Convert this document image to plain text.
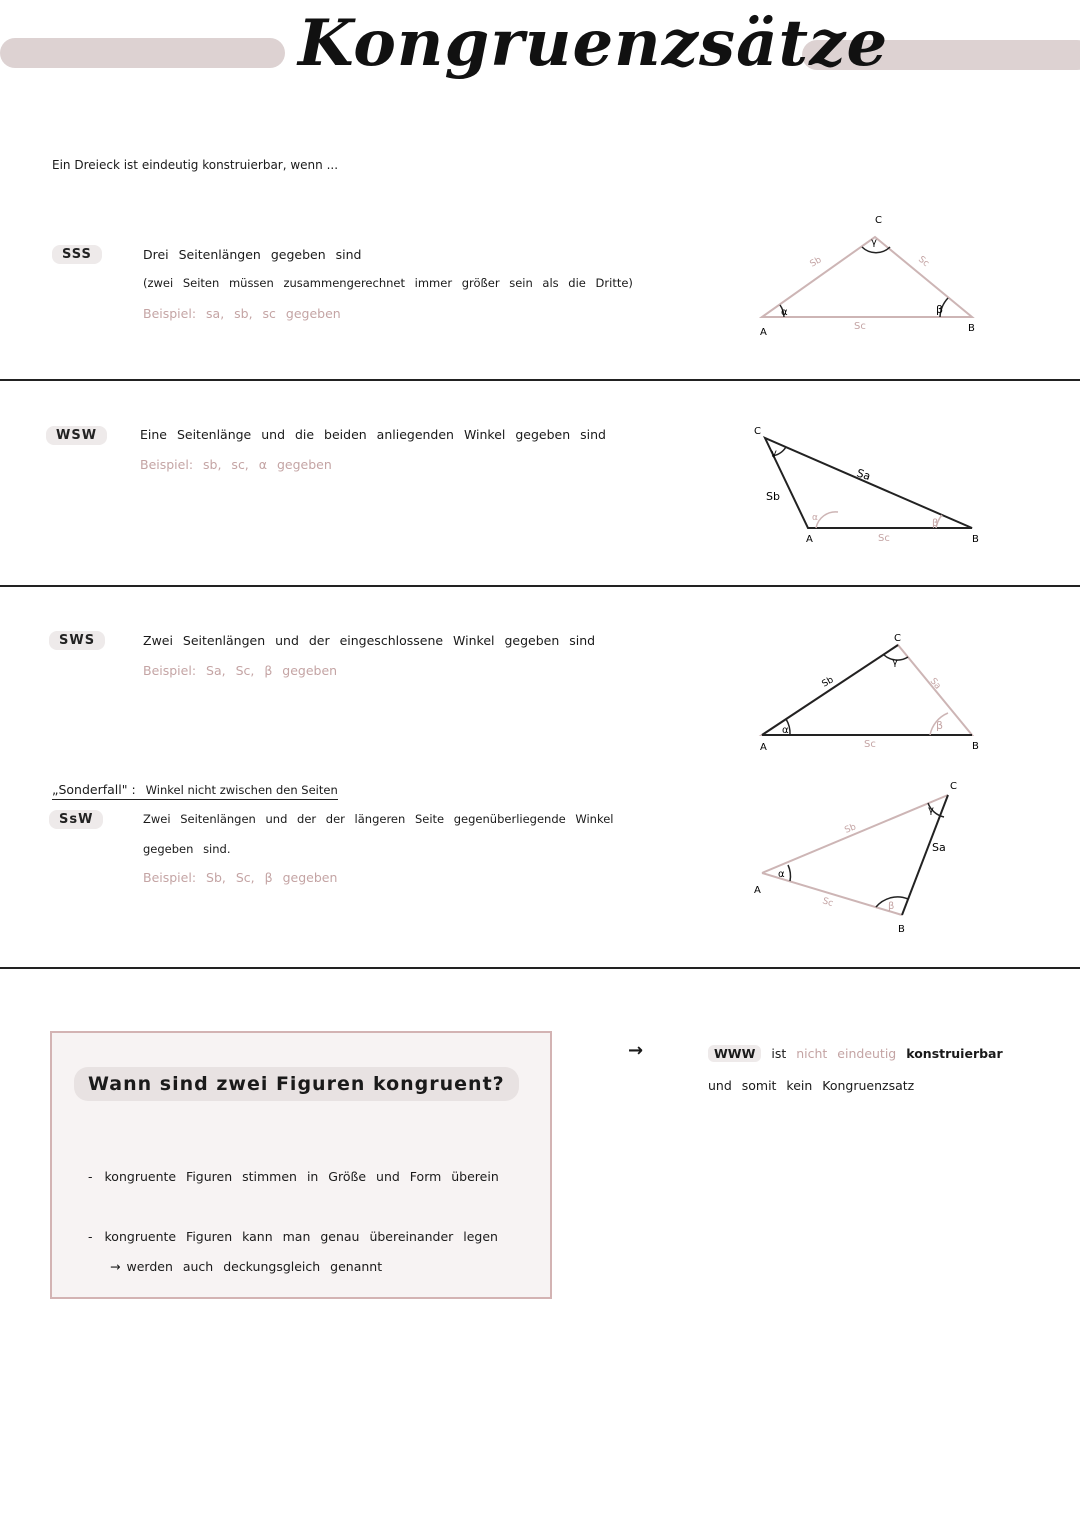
Kongruenzsätze
Ein Dreieck ist eindeutig konstruierbar, wenn ...
SSS	Drei Seitenlängen gegeben sind
(zwei Seiten müssen zusammengerechnet immer größer sein als die Dritte)
Beispiel: sa, sb, sc gegeben
A	B
C
α	β
γ
Sb	Sc
Sc
WSW	Eine Seitenlänge und die beiden anliegenden Winkel gegeben sind
Beispiel: sb, sc, α gegeben
C
A	B
γ
α	β
Sa
Sb
Sc
SWS	Zwei Seitenlängen und der eingeschlossene Winkel gegeben sind
Beispiel: Sa, Sc, β gegeben
A	B
C
α	β
γ
Sb	Sa
Sc
„Sonderfall" : Winkel nicht zwischen den Seiten
SsW	Zwei Seitenlängen und der der längeren Seite gegenüberliegende Winkel
gegeben sind.
Beispiel: Sb, Sc, β gegeben
A
B
C
α
β
γ
Sb
Sa
Sc
Wann sind zwei Figuren kongruent?
- kongruente Figuren stimmen in Größe und Form überein
- kongruente Figuren kann man genau übereinander legen
→ werden auch deckungsgleich genannt
→	WWW ist nicht eindeutig konstruierbar
und somit kein Kongruenzsatz
